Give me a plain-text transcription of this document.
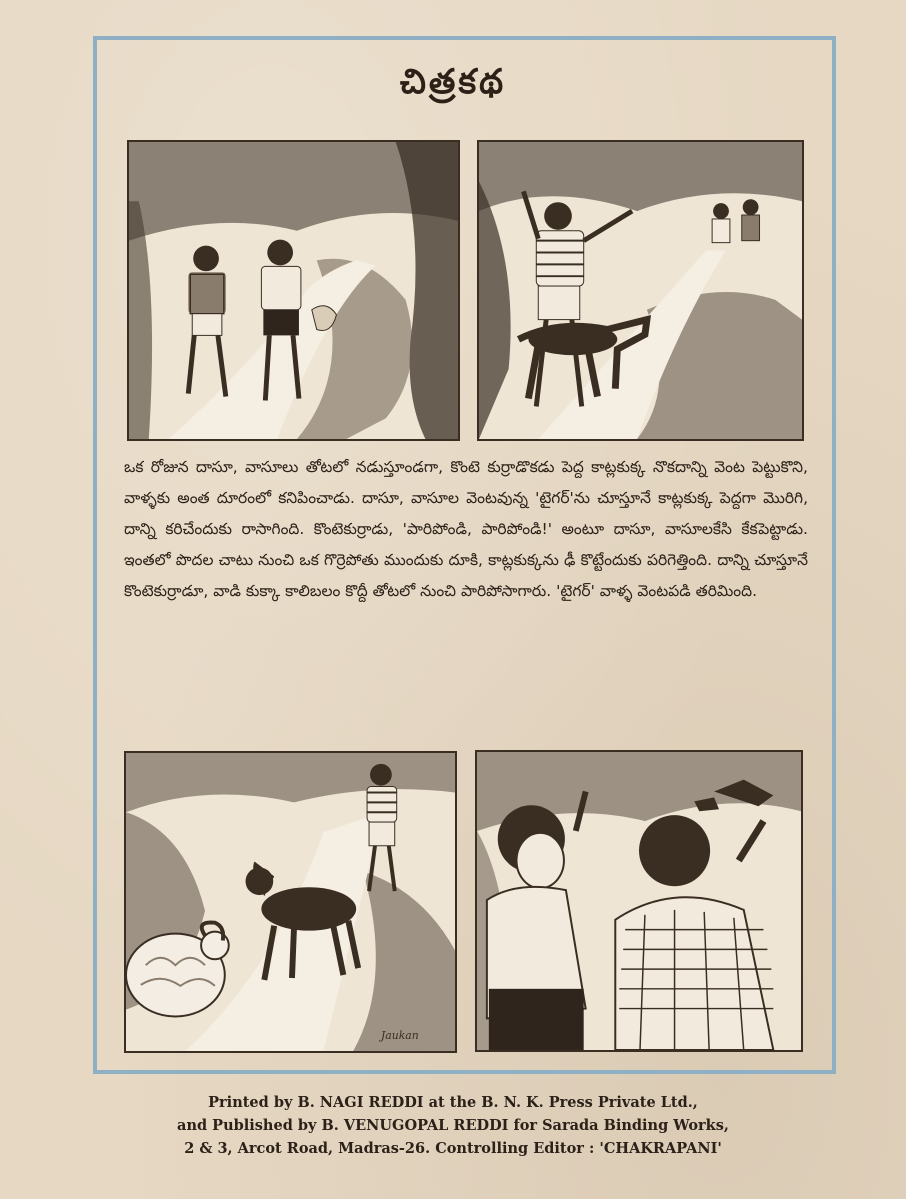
చిత్రకథ
ఒక రోజున దాసూ, వాసూలు తోటలో నడుస్తూండగా, కొంటె కుర్రాడొకడు పెద్ద కాట్లకుక్క నొకదాన్ని వెంట పెట్టుకొని, వాళ్ళకు అంత దూరంలో కనిపించాడు. దాసూ, వాసూల వెంటవున్న 'టైగర్'ను చూస్తూనే కాట్లకుక్క పెద్దగా మొరిగి, దాన్ని కరిచేందుకు రాసాగింది. కొంటెకుర్రాడు, 'పారిపోండి, పారిపోండి!' అంటూ దాసూ, వాసూలకేసి కేకపెట్టాడు. ఇంతలో పొదల చాటు నుంచి ఒక గొర్రెపోతు ముందుకు దూకి, కాట్లకుక్కను ఢీ కొట్టేందుకు పరిగెత్తింది. దాన్ని చూస్తూనే కొంటెకుర్రాడూ, వాడి కుక్కా కాలిబలం కొద్దీ తోటలో నుంచి పారిపోసాగారు. 'టైగర్' వాళ్ళ వెంటపడి తరిమింది.
Jaukan
Printed by B. NAGI REDDI at the B. N. K. Press Private Ltd.,
and Published by B. VENUGOPAL REDDI for Sarada Binding Works,
2 & 3, Arcot Road, Madras-26. Controlling Editor : 'CHAKRAPANI'
